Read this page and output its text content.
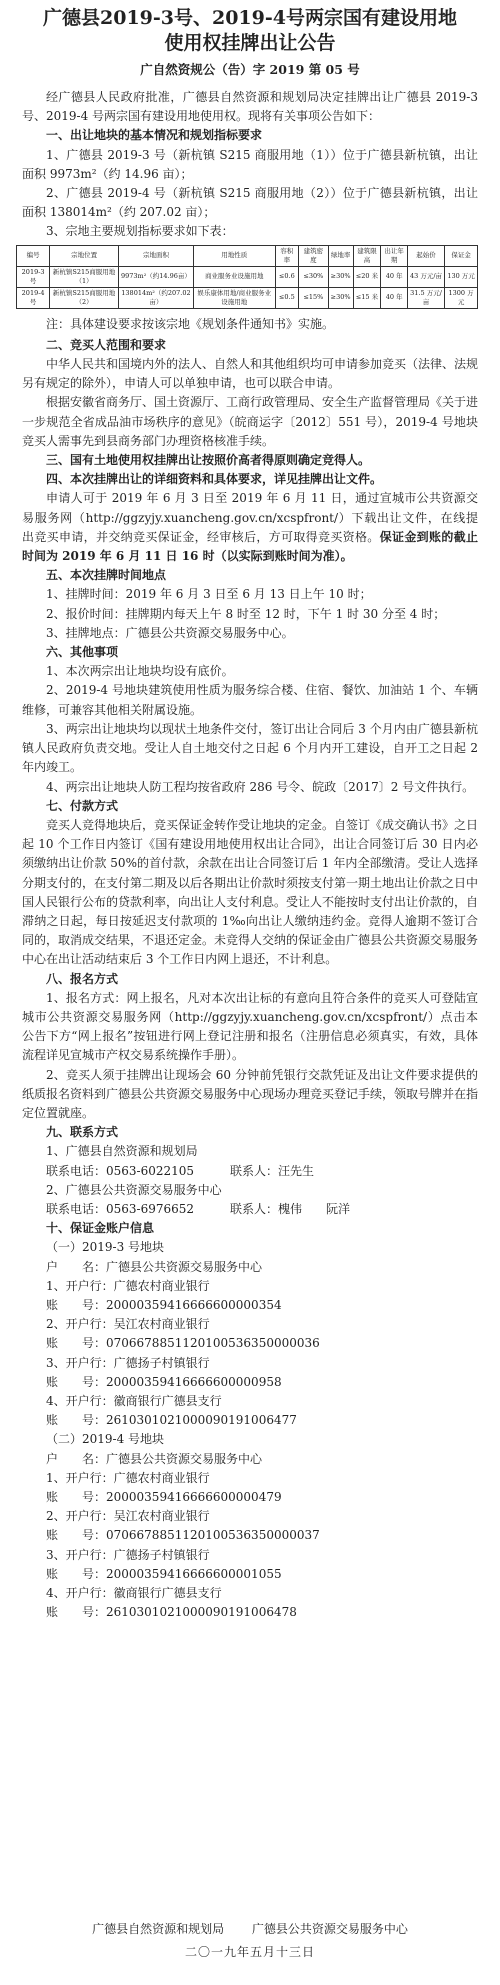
广德县2019-3号、2019-4号两宗国有建设用地
使用权挂牌出让公告
广自然资规公（告）字 2019 第 05 号

经广德县人民政府批准，广德县自然资源和规划局决定挂牌出让广德县 2019-3 号、2019-4 号两宗国有建设用地使用权。现将有关事项公告如下：

一、出让地块的基本情况和规划指标要求

1、广德县 2019-3 号（新杭镇 S215 商服用地（1））位于广德县新杭镇，出让面积 9973m²（约 14.96 亩）；

2、广德县 2019-4 号（新杭镇 S215 商服用地（2））位于广德县新杭镇，出让面积 138014m²（约 207.02 亩）；

3、宗地主要规划指标要求如下表：

编号	宗地位置	宗地面积	用地性质	容积率	建筑密度	绿地率	建筑限高	出让年期	起始价	保证金
2019-3 号	新杭镇S215商服用地（1）	9973m²（约14.96亩）	商业服务业设施用地	≤0.6	≤30%	≥30%	≤20 米	40 年	43 万元/亩	130 万元
2019-4 号	新杭镇S215商服用地（2）	138014m²（约207.02亩）	娱乐康体用地/商业服务业设施用地	≤0.5	≤15%	≥30%	≤15 米	40 年	31.5 万元/亩	1300 万元

注：具体建设要求按该宗地《规划条件通知书》实施。

二、竞买人范围和要求

中华人民共和国境内外的法人、自然人和其他组织均可申请参加竞买（法律、法规另有规定的除外），申请人可以单独申请，也可以联合申请。

根据安徽省商务厅、国土资源厅、工商行政管理局、安全生产监督管理局《关于进一步规范全省成品油市场秩序的意见》（皖商运字〔2012〕551 号），2019-4 号地块竞买人需事先到县商务部门办理资格核准手续。

三、国有土地使用权挂牌出让按照价高者得原则确定竞得人。

四、本次挂牌出让的详细资料和具体要求，详见挂牌出让文件。

申请人可于 2019 年 6 月 3 日至 2019 年 6 月 11 日，通过宣城市公共资源交易服务网（http://ggzyjy.xuancheng.gov.cn/xcspfront/）下载出让文件，在线提出竞买申请，并交纳竞买保证金，经审核后，方可取得竞买资格。保证金到账的截止时间为 2019 年 6 月 11 日 16 时（以实际到账时间为准）。

五、本次挂牌时间地点

1、挂牌时间：2019 年 6 月 3 日至 6 月 13 日上午 10 时；

2、报价时间：挂牌期内每天上午 8 时至 12 时，下午 1 时 30 分至 4 时；

3、挂牌地点：广德县公共资源交易服务中心。

六、其他事项

1、本次两宗出让地块均设有底价。

2、2019-4 号地块建筑使用性质为服务综合楼、住宿、餐饮、加油站 1 个、车辆维修，可兼容其他相关附属设施。

3、两宗出让地块均以现状土地条件交付，签订出让合同后 3 个月内由广德县新杭镇人民政府负责交地。受让人自土地交付之日起 6 个月内开工建设，自开工之日起 2 年内竣工。

4、两宗出让地块人防工程均按省政府 286 号令、皖政〔2017〕2 号文件执行。

七、付款方式

竞买人竞得地块后，竞买保证金转作受让地块的定金。自签订《成交确认书》之日起 10 个工作日内签订《国有建设用地使用权出让合同》，出让合同签订后 30 日内必须缴纳出让价款 50%的首付款，余款在出让合同签订后 1 年内全部缴清。受让人选择分期支付的，在支付第二期及以后各期出让价款时须按支付第一期土地出让价款之日中国人民银行公布的贷款利率，向出让人支付利息。受让人不能按时支付出让价款的，自滞纳之日起，每日按延迟支付款项的 1‰向出让人缴纳违约金。竞得人逾期不签订合同的，取消成交结果，不退还定金。未竞得人交纳的保证金由广德县公共资源交易服务中心在出让活动结束后 3 个工作日内网上退还，不计利息。

八、报名方式

1、报名方式：网上报名，凡对本次出让标的有意向且符合条件的竞买人可登陆宣城市公共资源交易服务网（http://ggzyjy.xuancheng.gov.cn/xcspfront/）点击本公告下方“网上报名”按钮进行网上登记注册和报名（注册信息必须真实，有效，具体流程详见宣城市产权交易系统操作手册）。

2、竞买人须于挂牌出让现场会 60 分钟前凭银行交款凭证及出让文件要求提供的纸质报名资料到广德县公共资源交易服务中心现场办理竞买登记手续，领取号牌并在指定位置就座。

九、联系方式

1、广德县自然资源和规划局

联系电话：0563-6022105　　　联系人：汪先生

2、广德县公共资源交易服务中心

联系电话：0563-6976652　　　联系人：槐伟　　阮洋

十、保证金账户信息

（一）2019-3 号地块

户　　名：广德县公共资源交易服务中心

1、开户行：广德农村商业银行

账　　号：20000359416666600000354

2、开户行：吴江农村商业银行

账　　号：0706678851120100536350000036

3、开户行：广德扬子村镇银行

账　　号：20000359416666600000958

4、开户行：徽商银行广德县支行

账　　号：2610301021000090191006477

（二）2019-4 号地块

户　　名：广德县公共资源交易服务中心

1、开户行：广德农村商业银行

账　　号：20000359416666600000479

2、开户行：吴江农村商业银行

账　　号：0706678851120100536350000037

3、开户行：广德扬子村镇银行

账　　号：20000359416666600001055

4、开户行：徽商银行广德县支行

账　　号：2610301021000090191006478

广德县自然资源和规划局 广德县公共资源交易服务中心
二〇一九年五月十三日
